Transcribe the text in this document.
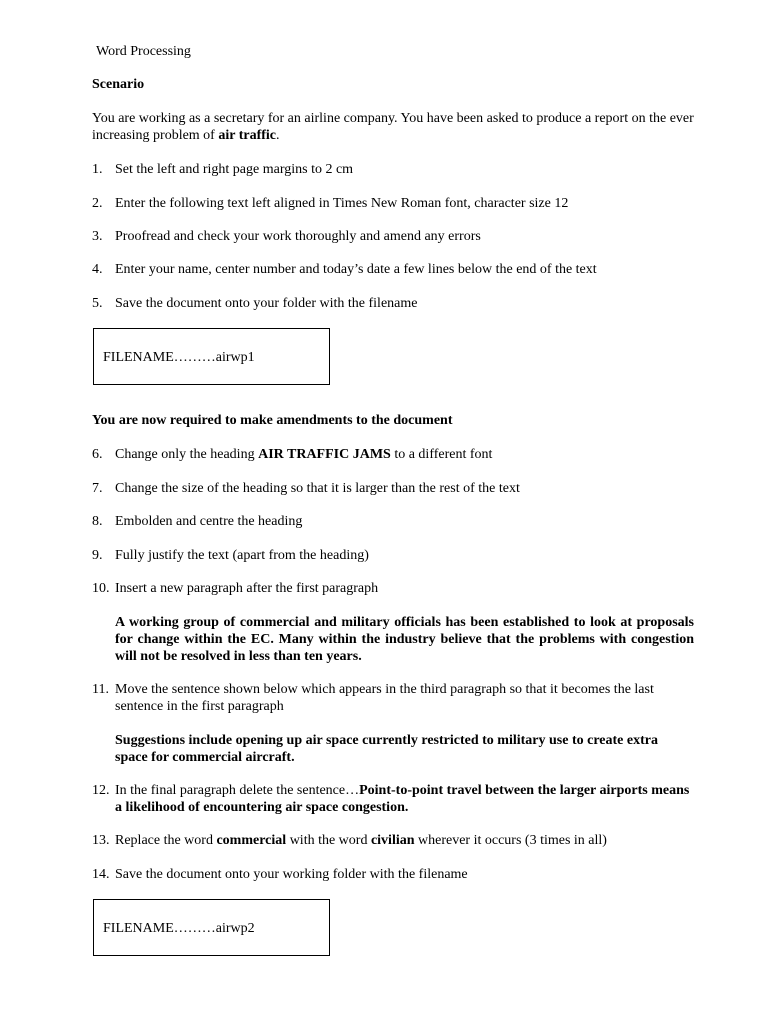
Word Processing
Scenario
You are working as a secretary for an airline company. You have been asked to produce a report on the ever increasing problem of air traffic.
1. Set the left and right page margins to 2 cm
2. Enter the following text left aligned in Times New Roman font, character size 12
3. Proofread and check your work thoroughly and amend any errors
4. Enter your name, center number and today’s date a few lines below the end of the text
5. Save the document onto your folder with the filename
FILENAME………airwp1
You are now required to make amendments to the document
6. Change only the heading AIR TRAFFIC JAMS to a different font
7. Change the size of the heading so that it is larger than the rest of the text
8. Embolden and centre the heading
9. Fully justify the text (apart from the heading)
10. Insert a new paragraph after the first paragraph
A working group of commercial and military officials has been established to look at proposals for change within the EC. Many within the industry believe that the problems with congestion will not be resolved in less than ten years.
11. Move the sentence shown below which appears in the third paragraph so that it becomes the last sentence in the first paragraph
Suggestions include opening up air space currently restricted to military use to create extra space for commercial aircraft.
12. In the final paragraph delete the sentence…Point-to-point travel between the larger airports means a likelihood of encountering air space congestion.
13. Replace the word commercial with the word civilian wherever it occurs (3 times in all)
14. Save the document onto your working folder with the filename
FILENAME………airwp2
